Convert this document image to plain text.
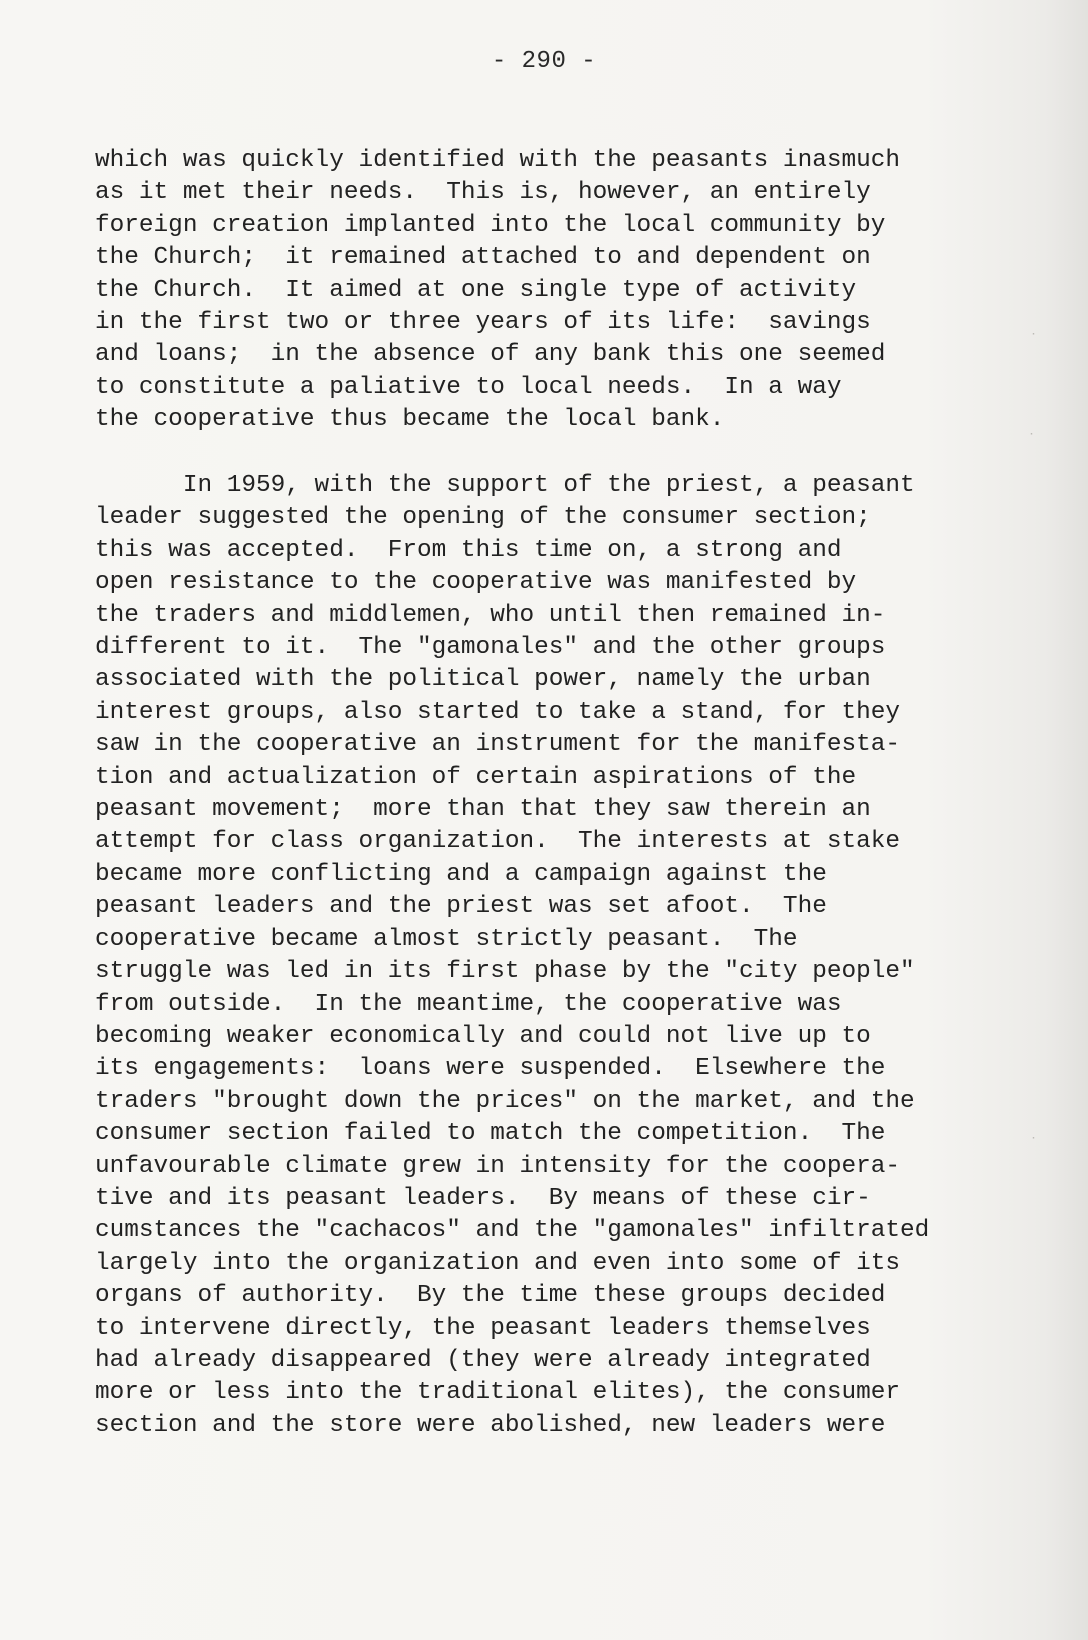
- 290 -

which was quickly identified with the peasants inasmuch
as it met their needs.  This is, however, an entirely
foreign creation implanted into the local community by
the Church;  it remained attached to and dependent on
the Church.  It aimed at one single type of activity
in the first two or three years of its life:  savings
and loans;  in the absence of any bank this one seemed
to constitute a paliative to local needs.  In a way
the cooperative thus became the local bank.

In 1959, with the support of the priest, a peasant
leader suggested the opening of the consumer section;
this was accepted.  From this time on, a strong and
open resistance to the cooperative was manifested by
the traders and middlemen, who until then remained in-
different to it.  The "gamonales" and the other groups
associated with the political power, namely the urban
interest groups, also started to take a stand, for they
saw in the cooperative an instrument for the manifesta-
tion and actualization of certain aspirations of the
peasant movement;  more than that they saw therein an
attempt for class organization.  The interests at stake
became more conflicting and a campaign against the
peasant leaders and the priest was set afoot.  The
cooperative became almost strictly peasant.  The
struggle was led in its first phase by the "city people"
from outside.  In the meantime, the cooperative was
becoming weaker economically and could not live up to
its engagements:  loans were suspended.  Elsewhere the
traders "brought down the prices" on the market, and the
consumer section failed to match the competition.  The
unfavourable climate grew in intensity for the coopera-
tive and its peasant leaders.  By means of these cir-
cumstances the "cachacos" and the "gamonales" infiltrated
largely into the organization and even into some of its
organs of authority.  By the time these groups decided
to intervene directly, the peasant leaders themselves
had already disappeared (they were already integrated
more or less into the traditional elites), the consumer
section and the store were abolished, new leaders were

˙
˙
˙
